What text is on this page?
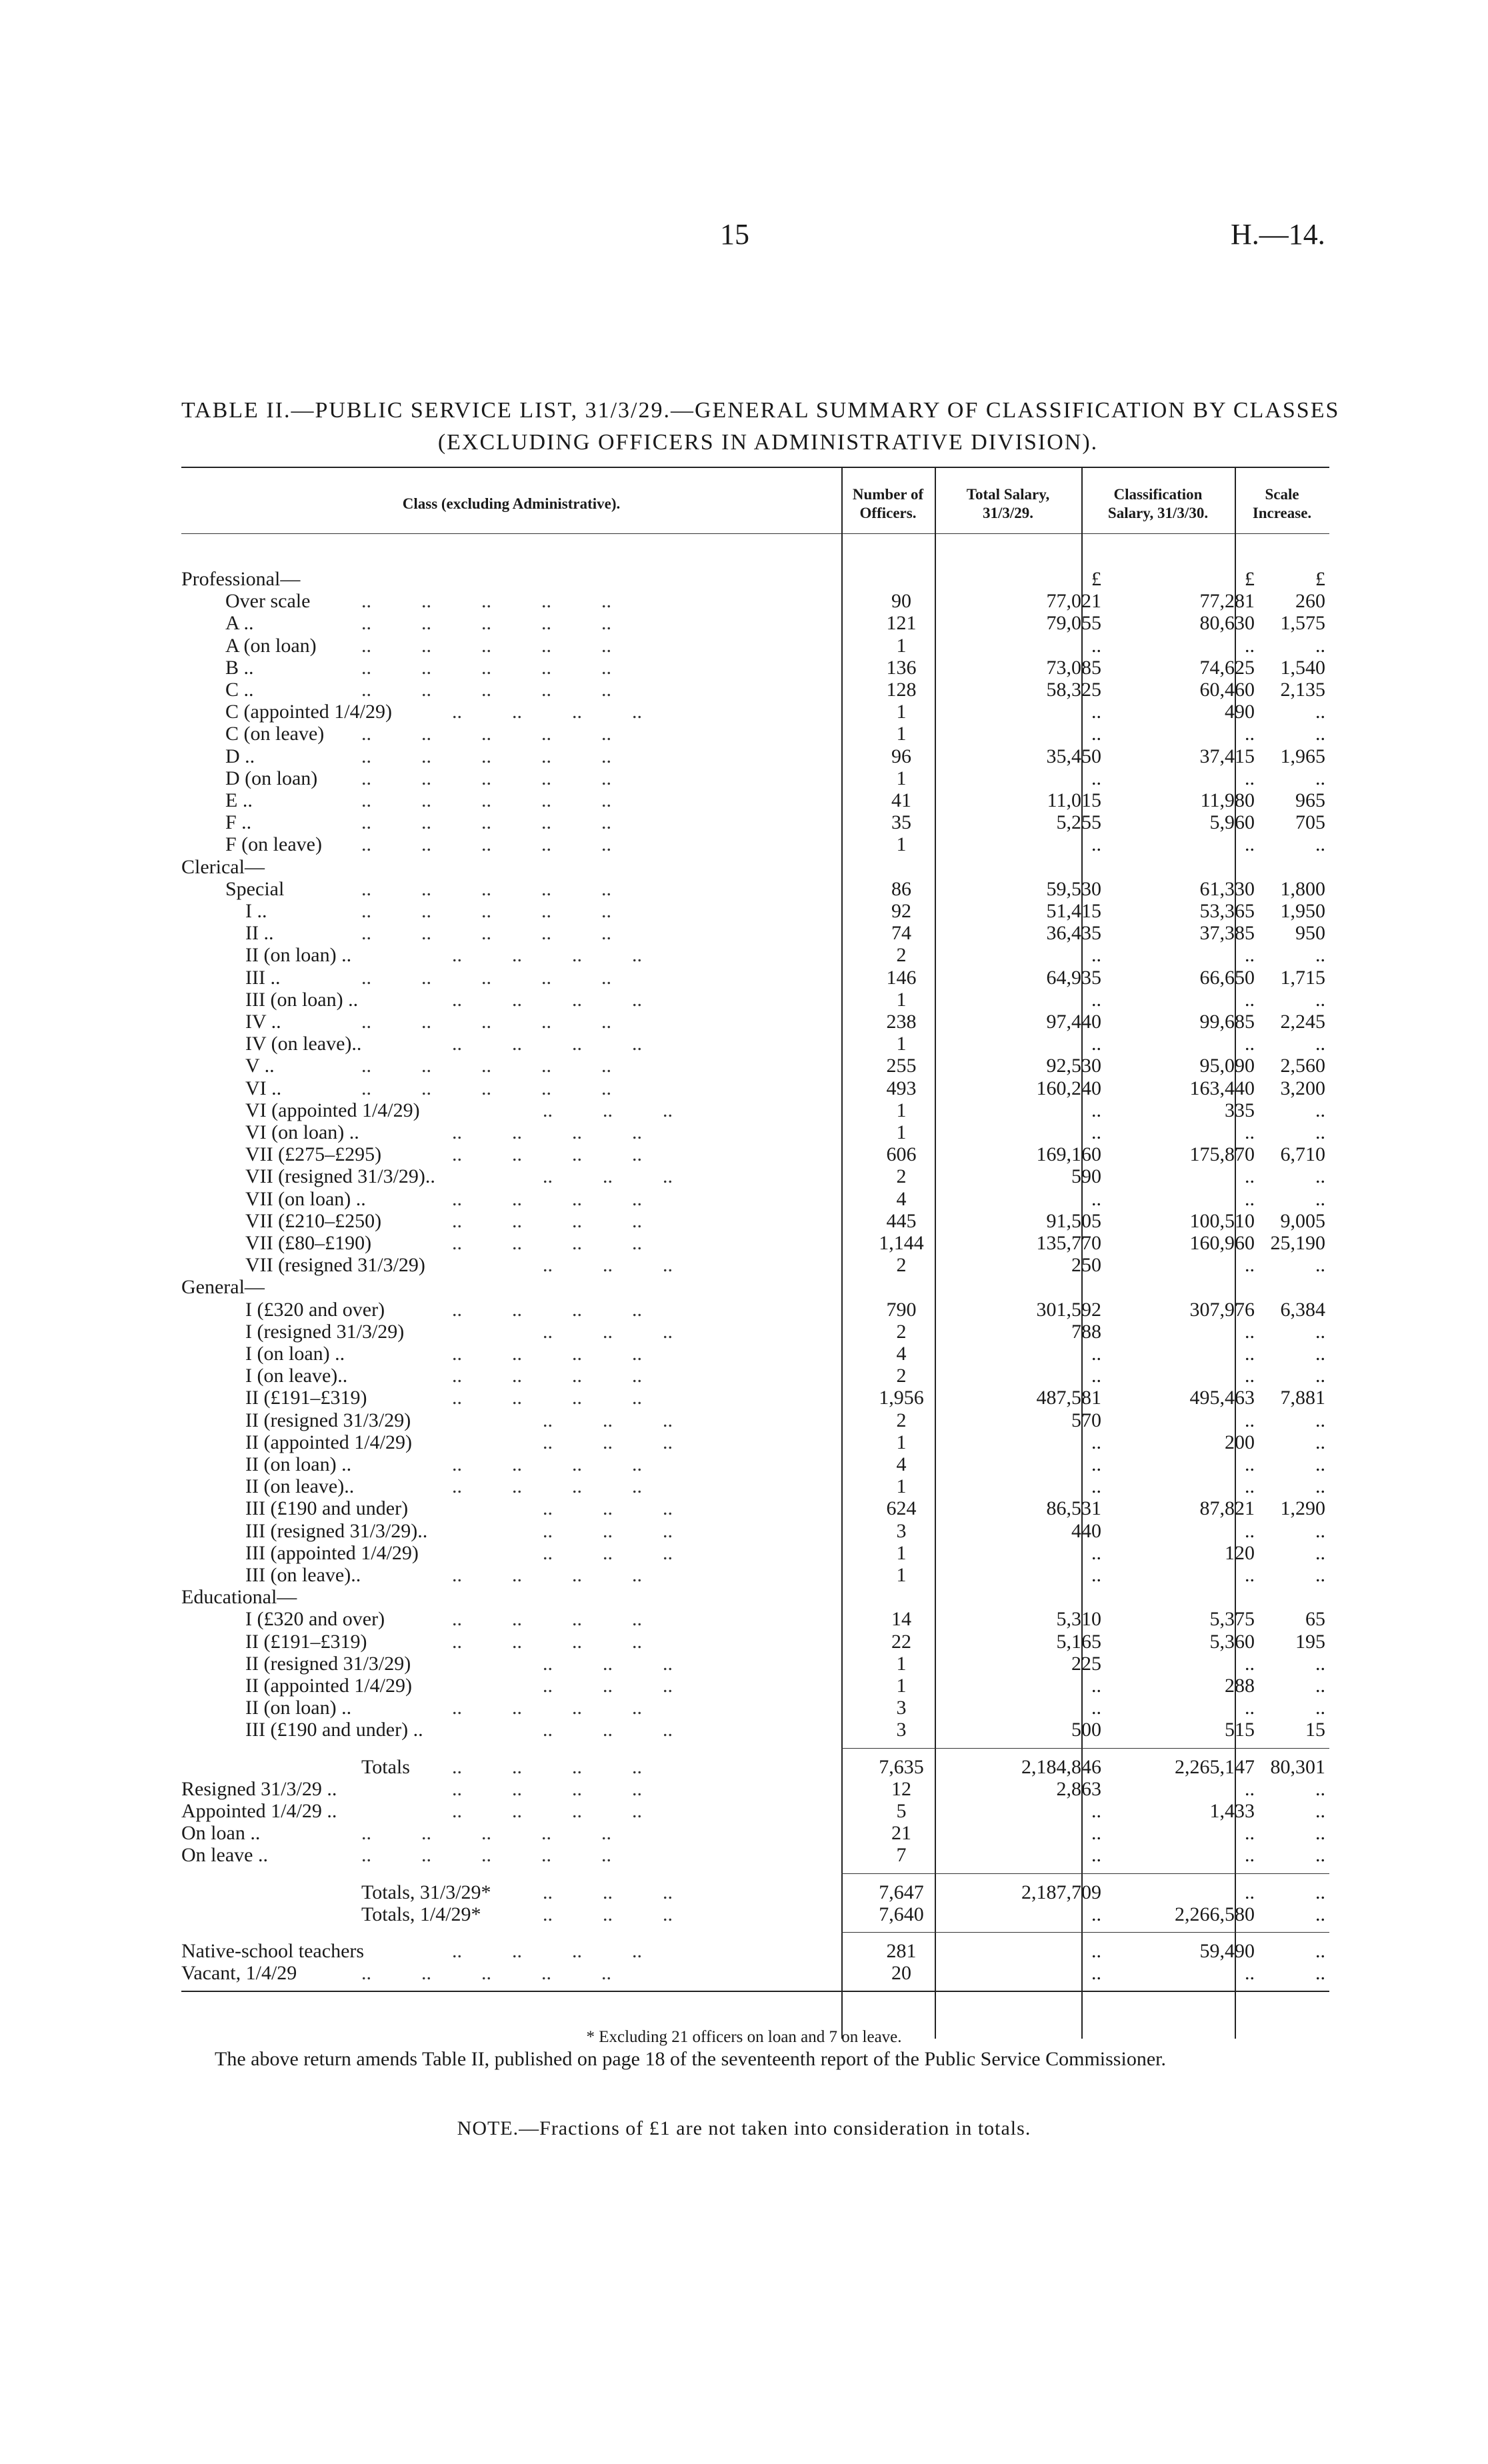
15	H.—14.
TABLE II.—PUBLIC SERVICE LIST, 31/3/29.—GENERAL SUMMARY OF CLASSIFICATION BY CLASSES
(EXCLUDING OFFICERS IN ADMINISTRATIVE DIVISION).
Class (excluding Administrative).
Number of
Officers.
Total Salary,
31/3/29.
Classification
Salary, 31/3/30.
Scale
Increase.
Professional—	£	£	£
Over scale	..          ..          ..          ..          ..	90	77,021	77,281	260
A ..	..          ..          ..          ..          ..	121	79,055	80,630	1,575
A (on loan) ..          ..          ..          ..          ..	1	..	..	..
B ..	..          ..          ..          ..          ..	136	73,085	74,625	1,540
C ..	..          ..          ..          ..          ..	128	58,325	60,460	2,135
C (appointed 1/4/29)	..          ..          ..          ..	1	..	490	..
C (on leave) ..          ..          ..          ..          ..	1	..	..	..
D ..	..          ..          ..          ..          ..	96	35,450	37,415	1,965
D (on loan) ..          ..          ..          ..          ..	1	..	..	..
E ..	..          ..          ..          ..          ..	41	11,015	11,980	965
F ..	..          ..          ..          ..          ..	35	5,255	5,960	705
F (on leave) ..          ..          ..          ..          ..	1	..	..	..
Clerical—
Special	..          ..          ..          ..          ..	86	59,530	61,330	1,800
I ..	..          ..          ..          ..          ..	92	51,415	53,365	1,950
II ..	..          ..          ..          ..          ..	74	36,435	37,385	950
II (on loan) ..	..          ..          ..          ..	2	..	..	..
III ..	..          ..          ..          ..          ..	146	64,935	66,650	1,715
III (on loan) ..	..          ..          ..          ..	1	..	..	..
IV ..	..          ..          ..          ..          ..	238	97,440	99,685	2,245
IV (on leave)..	..          ..          ..          ..	1	..	..	..
V ..	..          ..          ..          ..          ..	255	92,530	95,090	2,560
VI ..	..          ..          ..          ..          ..	493	160,240	163,440	3,200
VI (appointed 1/4/29)	..          ..          ..	1	..	335	..
VI (on loan) ..	..          ..          ..          ..	1	..	..	..
VII (£275–£295)	..          ..          ..          ..	606	169,160	175,870	6,710
VII (resigned 31/3/29)..	..          ..          ..	2	590	..	..
VII (on loan) ..	..          ..          ..          ..	4	..	..	..
VII (£210–£250)	..          ..          ..          ..	445	91,505	100,510	9,005
VII (£80–£190)	..          ..          ..          ..	1,144	135,770	160,960 25,190
VII (resigned 31/3/29)	..          ..          ..	2	250	..	..
General—
I (£320 and over)	..          ..          ..          ..	790	301,592	307,976	6,384
I (resigned 31/3/29)	..          ..          ..	2	788	..	..
I (on loan) ..	..          ..          ..          ..	4	..	..	..
I (on leave)..	..          ..          ..          ..	2	..	..	..
II (£191–£319)	..          ..          ..          ..	1,956	487,581	495,463	7,881
II (resigned 31/3/29)	..          ..          ..	2	570	..	..
II (appointed 1/4/29)	..          ..          ..	1	..	200	..
II (on loan) ..	..          ..          ..          ..	4	..	..	..
II (on leave)..	..          ..          ..          ..	1	..	..	..
III (£190 and under)	..          ..          ..	624	86,531	87,821	1,290
III (resigned 31/3/29)..	..          ..          ..	3	440	..	..
III (appointed 1/4/29)	..          ..          ..	1	..	120	..
III (on leave)..	..          ..          ..          ..	1	..	..	..
Educational—
I (£320 and over)	..          ..          ..          ..	14	5,310	5,375	65
II (£191–£319)	..          ..          ..          ..	22	5,165	5,360	195
II (resigned 31/3/29)	..          ..          ..	1	225	..	..
II (appointed 1/4/29)	..          ..          ..	1	..	288	..
II (on loan) ..	..          ..          ..          ..	3	..	..	..
III (£190 and under) ..	..          ..          ..	3	500	515	15
Totals ..          ..          ..          ..	7,635	2,184,846	2,265,147 80,301
Resigned 31/3/29 ..	..          ..          ..          ..	12	2,863	..	..
Appointed 1/4/29 ..	..          ..          ..          ..	5	..	1,433	..
On loan ..	..          ..          ..          ..          ..	21	..	..	..
On leave ..	..          ..          ..          ..          ..	7	..	..	..
Totals, 31/3/29*	..          ..          ..	7,647	2,187,709	..	..
Totals, 1/4/29*	..          ..          ..	7,640	..	2,266,580	..
Native-school teachers	..          ..          ..          ..	281	..	59,490	..
Vacant, 1/4/29	..          ..          ..          ..          ..	20	..	..	..
* Excluding 21 officers on loan and 7 on leave.
The above return amends Table II, published on page 18 of the seventeenth report of the Public Service Commissioner.
NOTE.—Fractions of £1 are not taken into consideration in totals.
